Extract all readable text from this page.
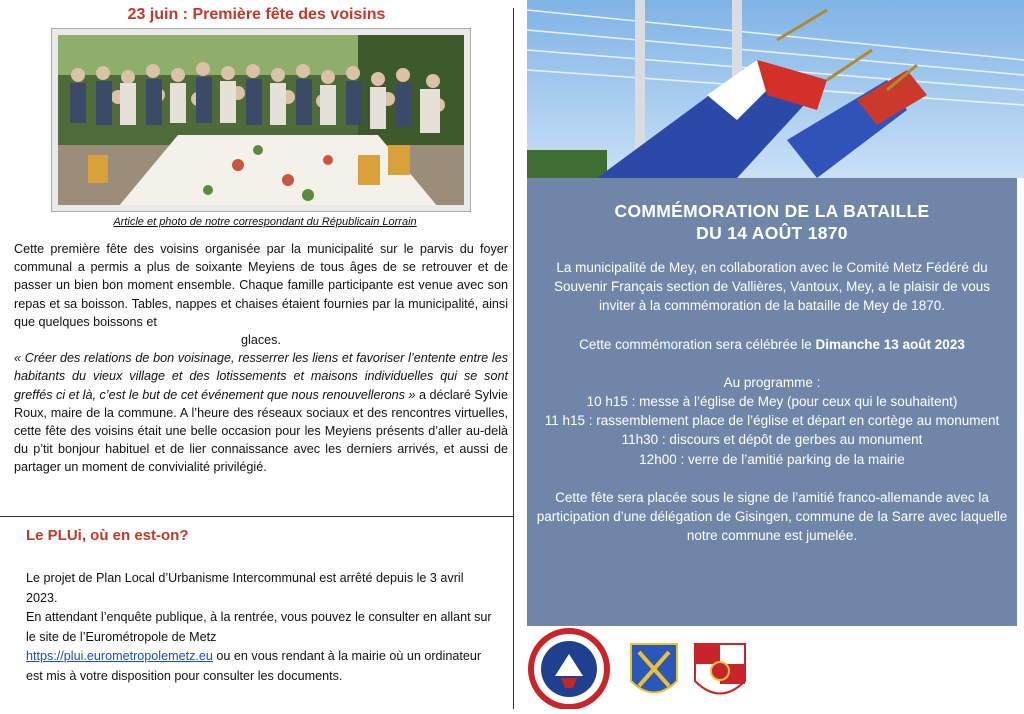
23 juin : Première fête des voisins
Article et photo de notre correspondant du Républicain Lorrain

Cette première fête des voisins organisée par la municipalité sur le parvis du foyer communal a permis a plus de soixante Meyiens de tous âges de se retrouver et de passer un bien bon moment ensemble. Chaque famille participante est venue avec son repas et sa boisson. Tables, nappes et chaises étaient fournies par la municipalité, ainsi que quelques boissons et

glaces.

« Créer des relations de bon voisinage, resserrer les liens et favoriser l’entente entre les habitants du vieux village et des lotissements et maisons individuelles qui se sont greffés ci et là, c’est le but de cet événement que nous renouvellerons » a déclaré Sylvie Roux, maire de la commune. A l’heure des réseaux sociaux et des rencontres virtuelles, cette fête des voisins était une belle occasion pour les Meyiens présents d’aller au-delà du p’tit bonjour habituel et de lier connaissance avec les derniers arrivés, et aussi de partager un moment de convivialité privilégié.

Le PLUi, où en est-on?

Le projet de Plan Local d’Urbanisme Intercommunal est arrêté depuis le 3 avril 2023.

En attendant l’enquête publique, à la rentrée, vous pouvez le consulter en allant sur le site de l’Eurométropole de Metz

https://plui.eurometropolemetz.eu ou en vous rendant à la mairie où un ordinateur est mis à votre disposition pour consulter les documents.

COMMÉMORATION DE LA BATAILLE
DU 14 AOÛT 1870

La municipalité de Mey, en collaboration avec le Comité Metz Fédéré du Souvenir Français section de Vallières, Vantoux, Mey, a le plaisir de vous inviter à la commémoration de la bataille de Mey de 1870.

Cette commémoration sera célébrée le Dimanche 13 août 2023

Au programme :

10 h15 : messe à l’église de Mey (pour ceux qui le souhaitent)

11 h15 : rassemblement place de l’église et départ en cortège au monument

11h30 : discours et dépôt de gerbes au monument

12h00 : verre de l’amitié parking de la mairie

Cette fête sera placée sous le signe de l’amitié franco-allemande avec la participation d’une délégation de Gisingen, commune de la Sarre avec laquelle notre commune est jumelée.
